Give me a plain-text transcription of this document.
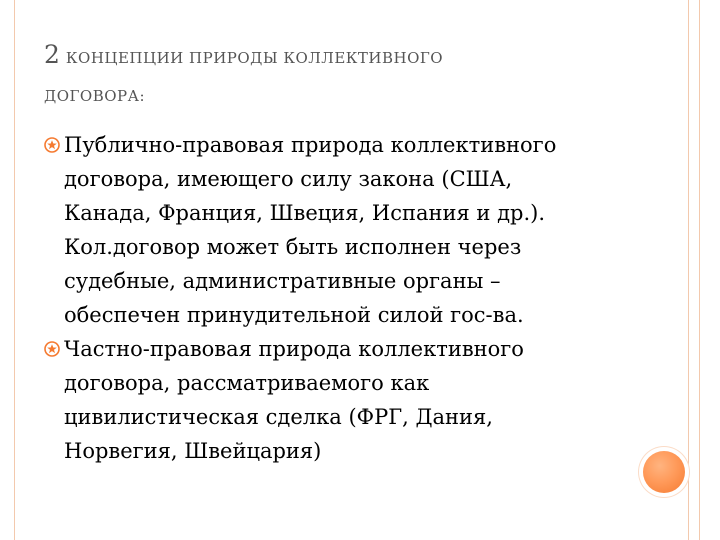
2 КОНЦЕПЦИИ ПРИРОДЫ КОЛЛЕКТИВНОГО
ДОГОВОРА:
Публично-правовая природа коллективного
договора, имеющего силу закона (США,
Канада, Франция, Швеция, Испания и др.).
Кол.договор может быть исполнен через
судебные, административные органы –
обеспечен принудительной силой гос-ва.
Частно-правовая природа коллективного
договора, рассматриваемого как
цивилистическая сделка (ФРГ, Дания,
Норвегия, Швейцария)
